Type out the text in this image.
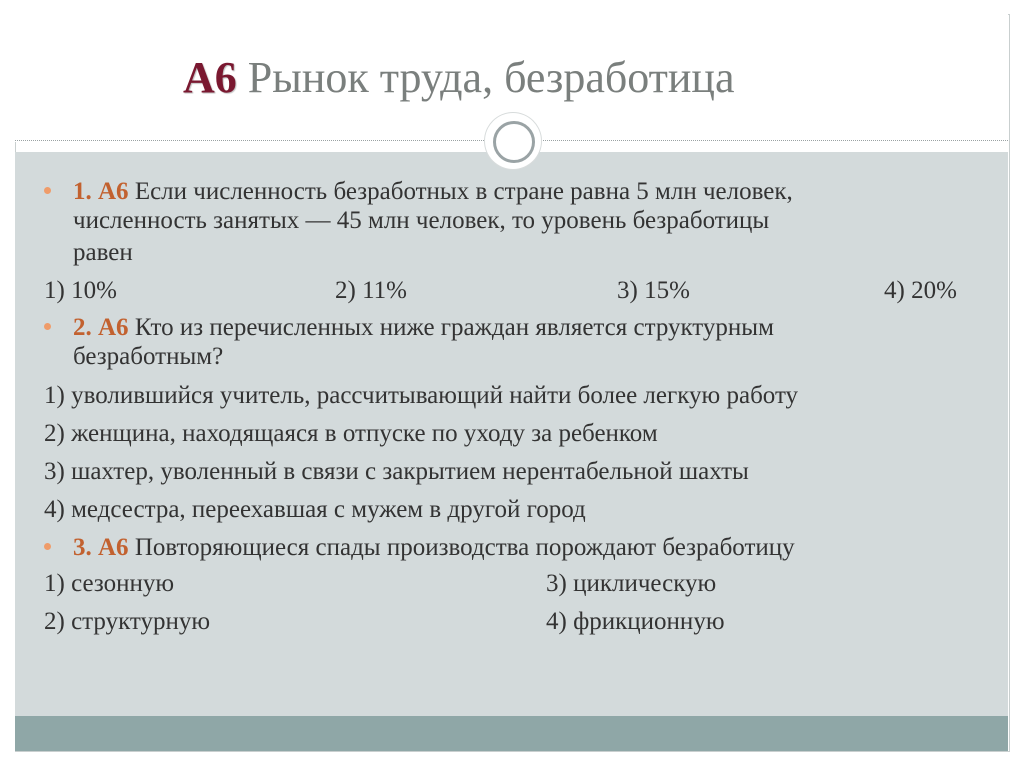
A6 Рынок труда, безработица
1. А6 Если численность безработных в стране равна 5 млн человек,
численность занятых — 45 млн человек, то уровень безработицы
равен
1) 10%	2) 11%	3) 15%	4) 20%
2. А6 Кто из перечисленных ниже граждан является структурным
безработным?
1) уволившийся учитель, рассчитывающий найти более легкую работу
2) женщина, находящаяся в отпуске по уходу за ребенком
3) шахтер, уволенный в связи с закрытием нерентабельной шахты
4) медсестра, переехавшая с мужем в другой город
3. А6 Повторяющиеся спады производства порождают безработицу
1) сезонную	3) циклическую
2) структурную	4) фрикционную
